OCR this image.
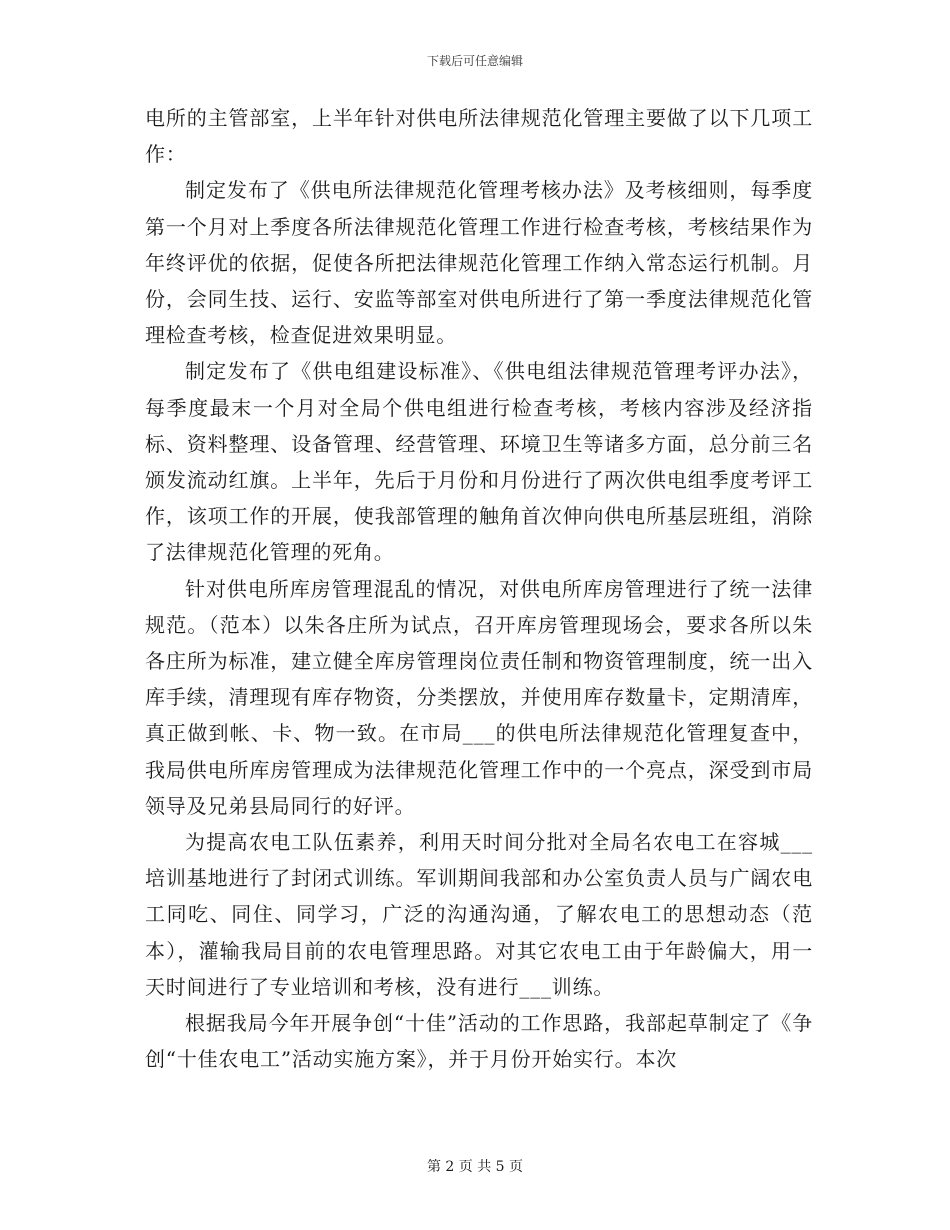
下载后可任意编辑

电所的主管部室，上半年针对供电所法律规范化管理主要做了以下几项工作：

制定发布了《供电所法律规范化管理考核办法》及考核细则，每季度第一个月对上季度各所法律规范化管理工作进行检查考核，考核结果作为年终评优的依据，促使各所把法律规范化管理工作纳入常态运行机制。月份，会同生技、运行、安监等部室对供电所进行了第一季度法律规范化管理检查考核，检查促进效果明显。

制定发布了《供电组建设标准》、《供电组法律规范管理考评办法》，每季度最末一个月对全局个供电组进行检查考核，考核内容涉及经济指标、资料整理、设备管理、经营管理、环境卫生等诸多方面，总分前三名颁发流动红旗。上半年，先后于月份和月份进行了两次供电组季度考评工作，该项工作的开展，使我部管理的触角首次伸向供电所基层班组，消除了法律规范化管理的死角。

针对供电所库房管理混乱的情况，对供电所库房管理进行了统一法律规范。（范本）以朱各庄所为试点，召开库房管理现场会，要求各所以朱各庄所为标准，建立健全库房管理岗位责任制和物资管理制度，统一出入库手续，清理现有库存物资，分类摆放，并使用库存数量卡，定期清库，真正做到帐、卡、物一致。在市局___的供电所法律规范化管理复查中，我局供电所库房管理成为法律规范化管理工作中的一个亮点，深受到市局领导及兄弟县局同行的好评。

为提高农电工队伍素养，利用天时间分批对全局名农电工在容城___培训基地进行了封闭式训练。军训期间我部和办公室负责人员与广阔农电工同吃、同住、同学习，广泛的沟通沟通，了解农电工的思想动态（范本），灌输我局目前的农电管理思路。对其它农电工由于年龄偏大，用一天时间进行了专业培训和考核，没有进行___训练。

根据我局今年开展争创“十佳”活动的工作思路，我部起草制定了《争创“十佳农电工”活动实施方案》，并于月份开始实行。本次

第 2 页 共 5 页
